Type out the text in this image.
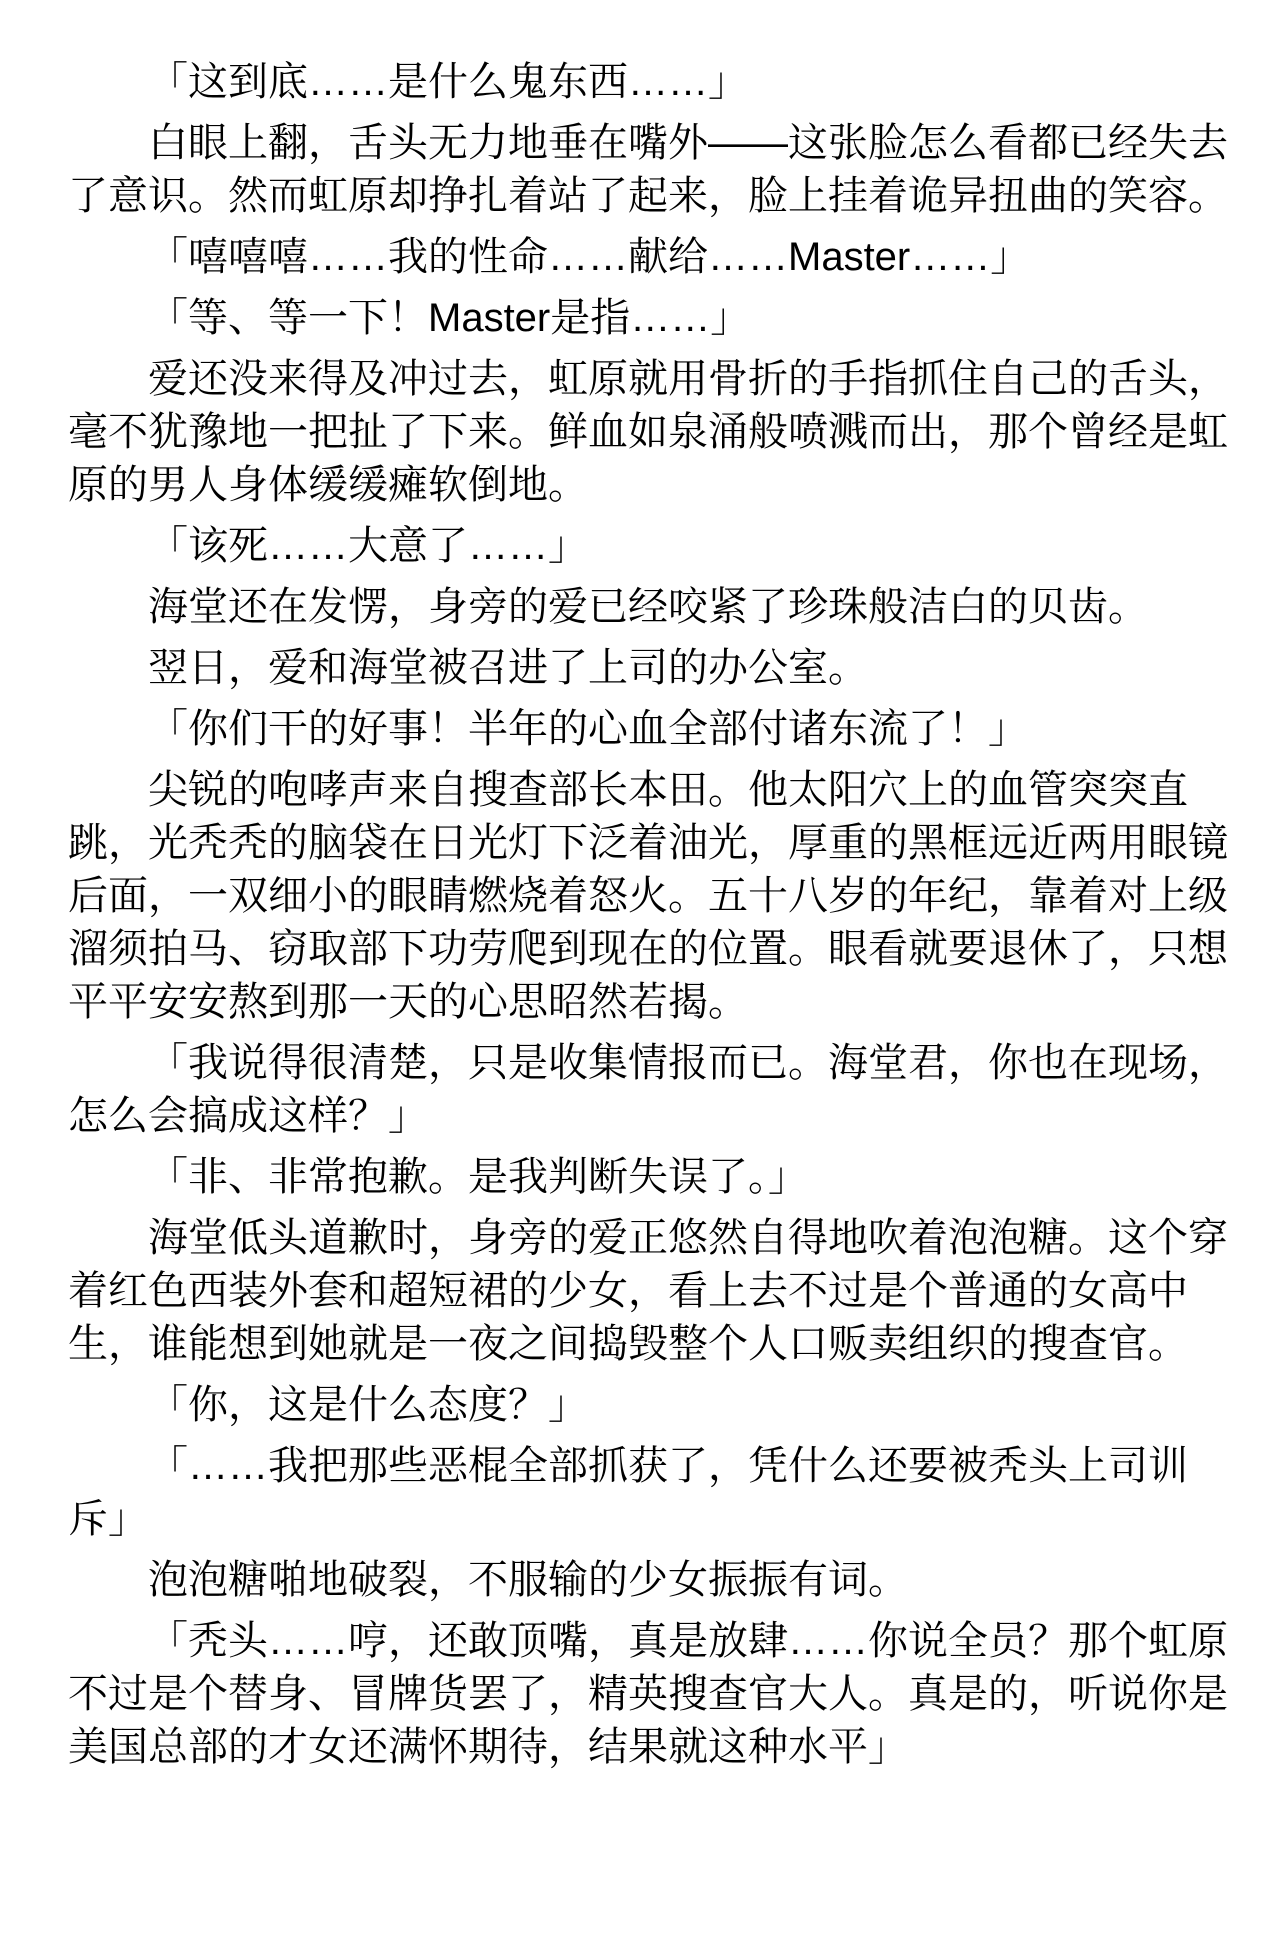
「这到底……是什么鬼东西……」

白眼上翻，舌头无力地垂在嘴外——这张脸怎么看都已经失去了意识。然而虹原却挣扎着站了起来，脸上挂着诡异扭曲的笑容。

「嘻嘻嘻……我的性命……献给……Master……」

「等、等一下！Master是指……」

爱还没来得及冲过去，虹原就用骨折的手指抓住自己的舌头，毫不犹豫地一把扯了下来。鲜血如泉涌般喷溅而出，那个曾经是虹原的男人身体缓缓瘫软倒地。

「该死……大意了……」

海堂还在发愣，身旁的爱已经咬紧了珍珠般洁白的贝齿。

翌日，爱和海堂被召进了上司的办公室。

「你们干的好事！半年的心血全部付诸东流了！」

尖锐的咆哮声来自搜查部长本田。他太阳穴上的血管突突直跳，光秃秃的脑袋在日光灯下泛着油光，厚重的黑框远近两用眼镜后面，一双细小的眼睛燃烧着怒火。五十八岁的年纪，靠着对上级溜须拍马、窃取部下功劳爬到现在的位置。眼看就要退休了，只想平平安安熬到那一天的心思昭然若揭。

「我说得很清楚，只是收集情报而已。海堂君，你也在现场，怎么会搞成这样？」

「非、非常抱歉。是我判断失误了。」

海堂低头道歉时，身旁的爱正悠然自得地吹着泡泡糖。这个穿着红色西装外套和超短裙的少女，看上去不过是个普通的女高中生，谁能想到她就是一夜之间捣毁整个人口贩卖组织的搜查官。

「你，这是什么态度？」

「……我把那些恶棍全部抓获了，凭什么还要被秃头上司训斥」

泡泡糖啪地破裂，不服输的少女振振有词。

「秃头……哼，还敢顶嘴，真是放肆……你说全员？那个虹原不过是个替身、冒牌货罢了，精英搜查官大人。真是的，听说你是美国总部的才女还满怀期待，结果就这种水平」
